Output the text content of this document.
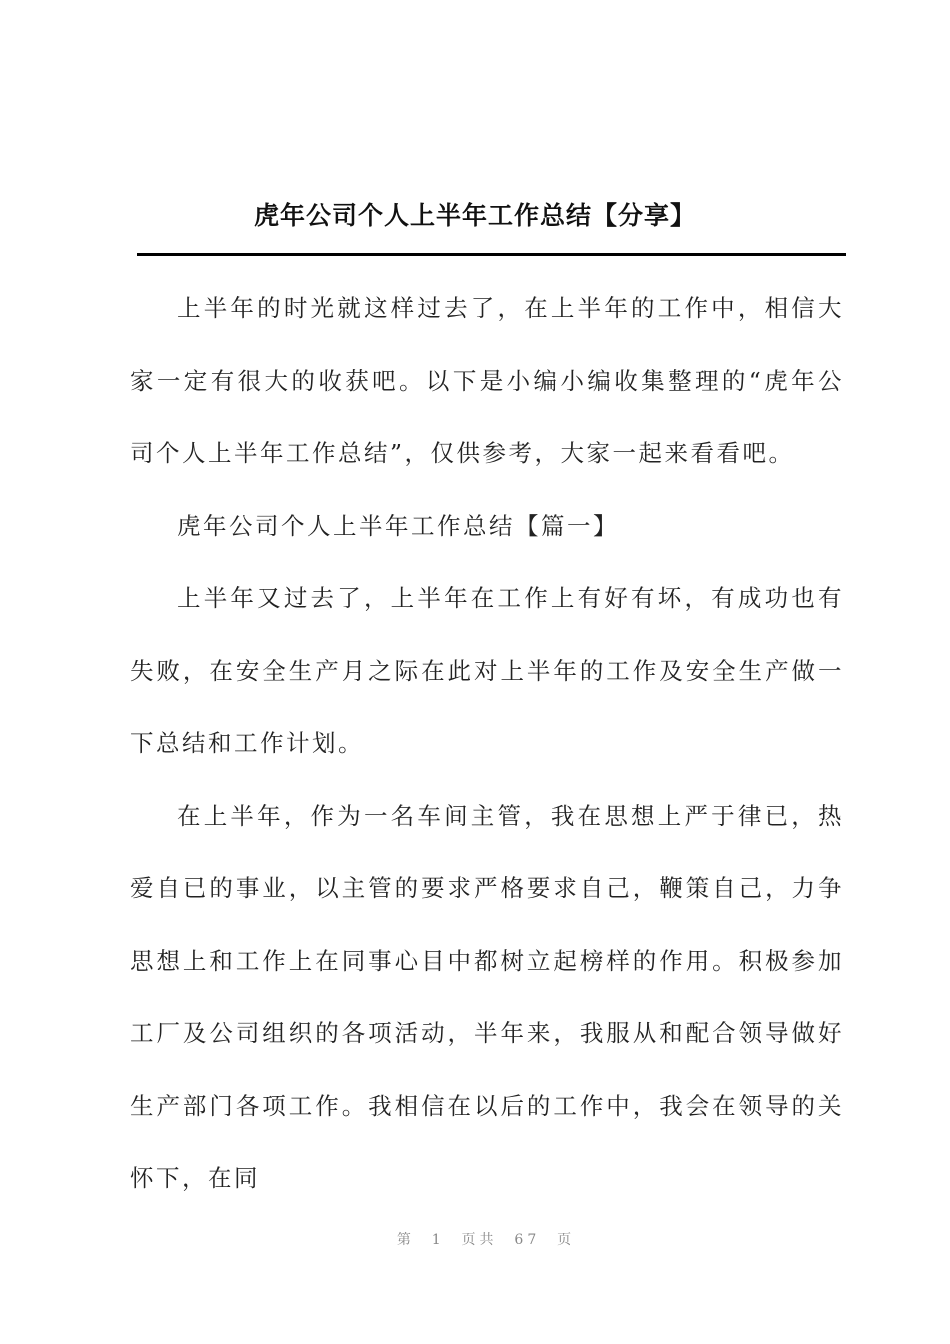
虎年公司个人上半年工作总结【分享】

上半年的时光就这样过去了，在上半年的工作中，相信大家一定有很大的收获吧。以下是小编小编收集整理的“虎年公司个人上半年工作总结”，仅供参考，大家一起来看看吧。

虎年公司个人上半年工作总结【篇一】

上半年又过去了，上半年在工作上有好有坏，有成功也有失败，在安全生产月之际在此对上半年的工作及安全生产做一下总结和工作计划。

在上半年，作为一名车间主管，我在思想上严于律已，热爱自已的事业，以主管的要求严格要求自己，鞭策自己，力争思想上和工作上在同事心目中都树立起榜样的作用。积极参加工厂及公司组织的各项活动，半年来，我服从和配合领导做好生产部门各项工作。我相信在以后的工作中，我会在领导的关怀下，在同

第  1  页共  67  页
